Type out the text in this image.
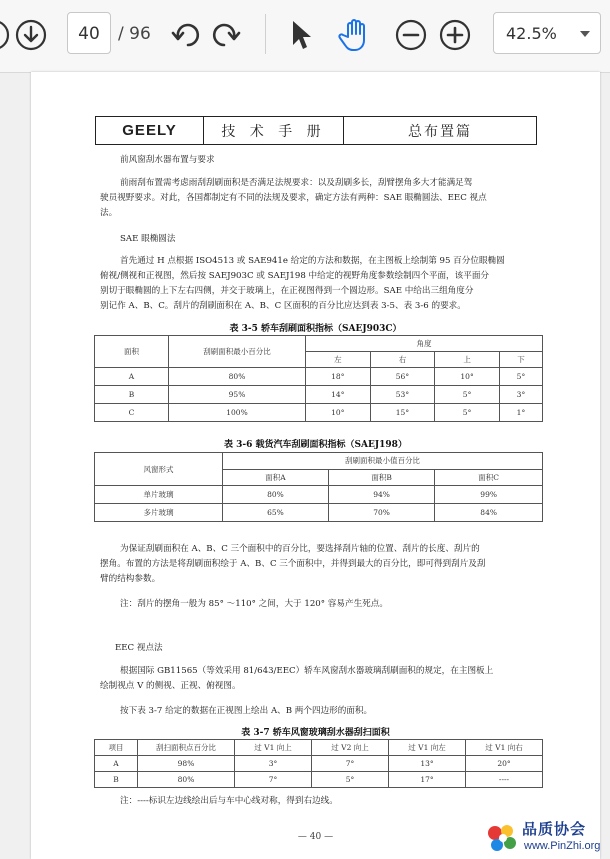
40	/ 96	42.5%
GEELY	技 术 手 册	总布置篇
前风窗刮水器布置与要求
前雨刮布置需考虑雨刮刮刷面积是否满足法规要求：以及刮刷多长，刮臂摆角多大才能满足驾
驶员视野要求。对此，各国都制定有不同的法规及要求，确定方法有两种：SAE 眼椭圆法、EEC 视点
法。
SAE 眼椭圆法
首先通过 H 点根据 ISO4513 或 SAE941e 给定的方法和数据，在主图板上绘制第 95 百分位眼椭圆
俯视/侧视和正视图，然后按 SAEJ903C 或 SAEJ198 中给定的视野角度参数绘制四个平面，该平面分
别切于眼椭圆的上下左右四侧，并交于玻璃上，在正视图得到一个圆边形。SAE 中给出三组角度分
别记作 A、B、C。刮片的刮刷面积在 A、B、C 区面积的百分比应达到表 3-5、表 3-6 的要求。
表 3-5 轿车刮刷面积指标（SAEJ903C）
面积	刮刷面积最小百分比	角度			
		左	右	上	下
A	80%	18°	56°	10°	5°
B	95%	14°	53°	5°	3°
C	100%	10°	15°	5°	1°
表 3-6 载货汽车刮刷面积指标（SAEJ198）
风窗形式	刮刷面积最小值百分比		
	面积A	面积B	面积C
单片玻璃	80%	94%	99%
多片玻璃	65%	70%	84%
为保证刮刷面积在 A、B、C 三个面积中的百分比，要选择刮片轴的位置、刮片的长度、刮片的
摆角。布置的方法是将刮刷面积绘于 A、B、C 三个面积中，并得到最大的百分比，即可得到刮片及刮
臂的结构参数。
注：刮片的摆角一般为 85° ～110° 之间，大于 120° 容易产生死点。
EEC 视点法
根据国际 GB11565（等效采用 81/643/EEC）轿车风窗刮水器玻璃刮刷面积的规定，在主图板上
绘制视点 V 的侧视、正视、俯视图。
按下表 3-7 给定的数据在正视图上绘出 A、B 两个四边形的面积。
表 3-7 轿车风窗玻璃刮水器刮扫面积
项目	刮扫面积点百分比	过 V1 向上	过 V2 向上	过 V1 向左	过 V1 向右
A	98%	3°	7°	13°	20°
B	80%	7°	5°	17°	----
注：----标识左边线绘出后与车中心线对称，得到右边线。
— 40 —	品质协会
www.PinZhi.org
